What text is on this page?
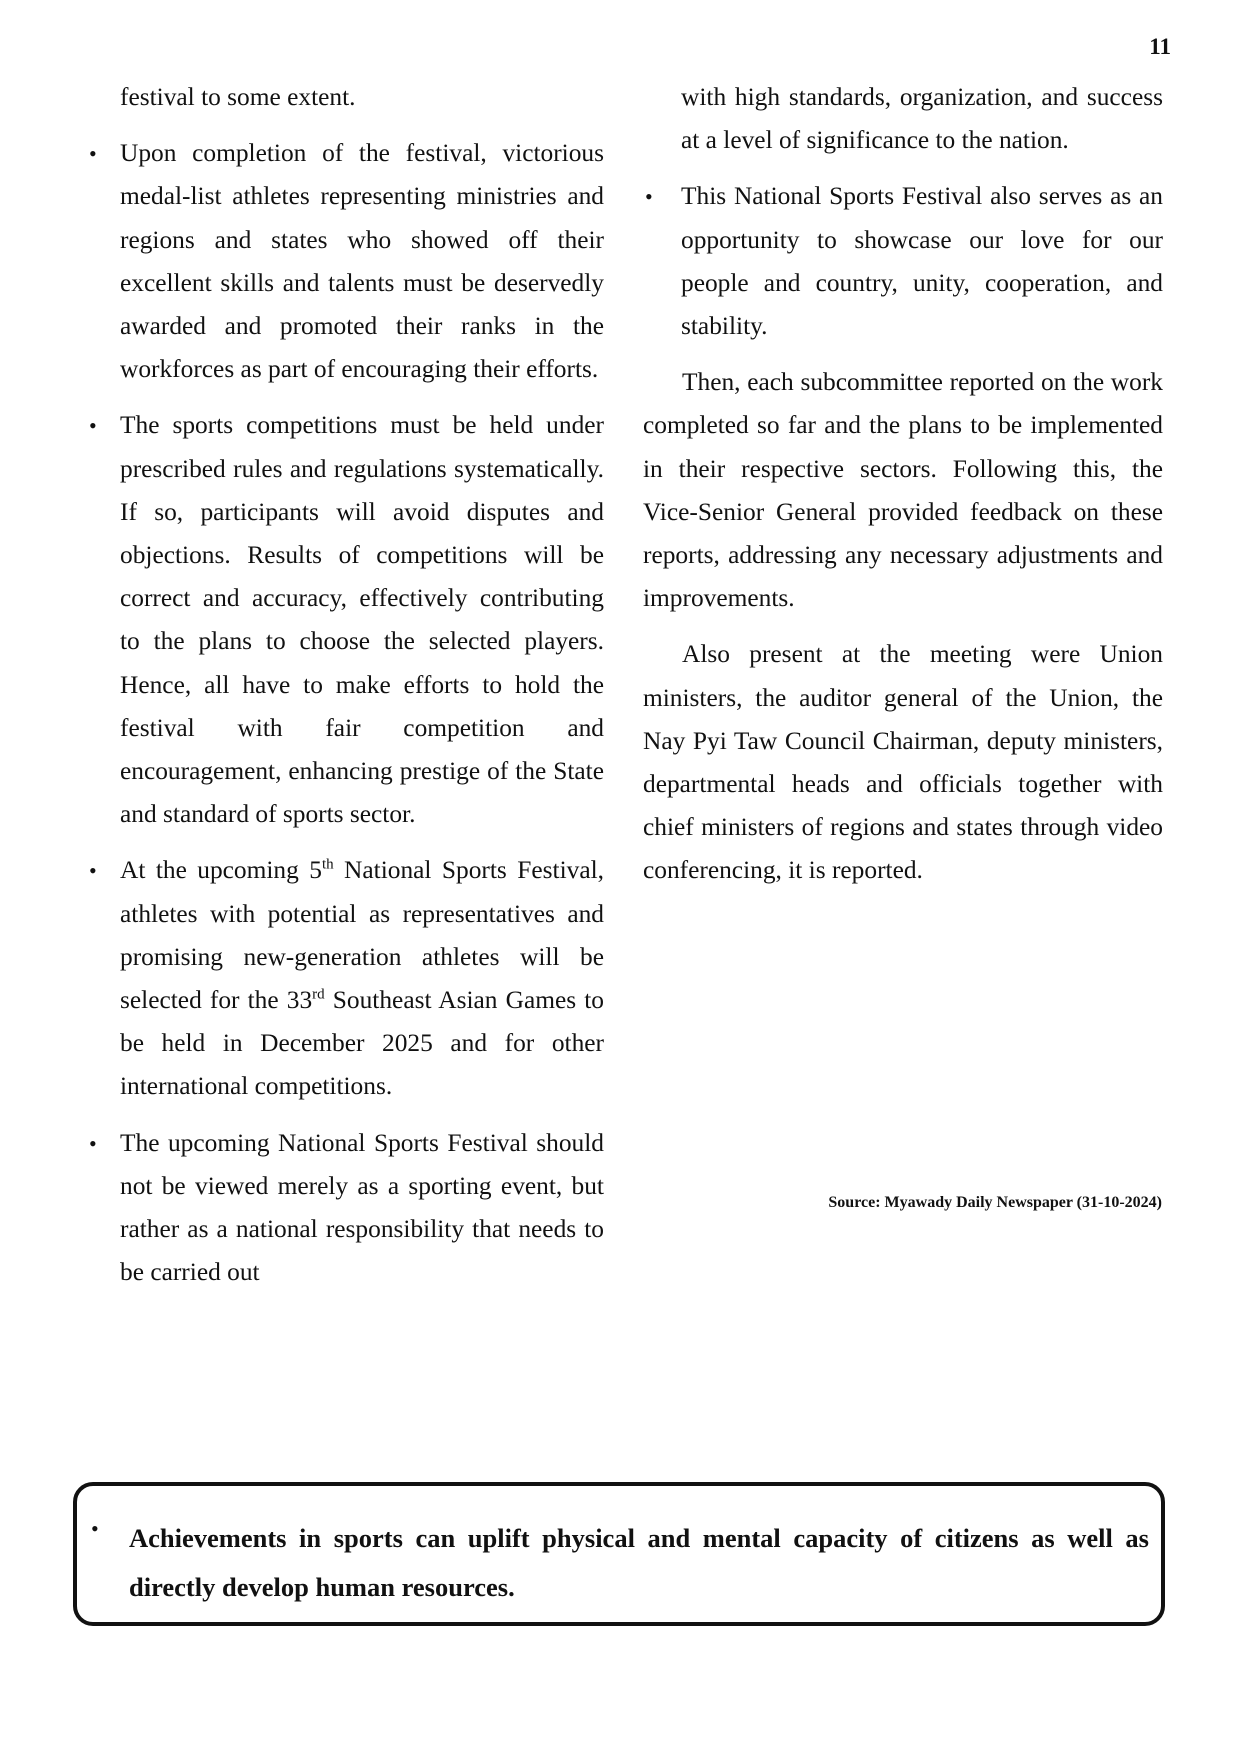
11

festival to some extent.

• Upon completion of the festival, victorious medal-list athletes representing ministries and regions and states who showed off their excellent skills and talents must be deservedly awarded and promoted their ranks in the workforces as part of encouraging their efforts.
• The sports competitions must be held under prescribed rules and regulations systematically. If so, participants will avoid disputes and objections. Results of competitions will be correct and accuracy, effectively contributing to the plans to choose the selected players. Hence, all have to make efforts to hold the festival with fair competition and encouragement, enhancing prestige of the State and standard of sports sector.
• At the upcoming 5th National Sports Festival, athletes with potential as representatives and promising new-generation athletes will be selected for the 33rd Southeast Asian Games to be held in December 2025 and for other international competitions.
• The upcoming National Sports Festival should not be viewed merely as a sporting event, but rather as a national responsibility that needs to be carried out

with high standards, organization, and success at a level of significance to the nation.

• This National Sports Festival also serves as an opportunity to showcase our love for our people and country, unity, cooperation, and stability.

Then, each subcommittee reported on the work completed so far and the plans to be implemented in their respective sectors. Following this, the Vice-Senior General provided feedback on these reports, addressing any necessary adjustments and improvements.

Also present at the meeting were Union ministers, the auditor general of the Union, the Nay Pyi Taw Council Chairman, deputy ministers, departmental heads and officials together with chief ministers of regions and states through video conferencing, it is reported.

Source: Myawady Daily Newspaper (31-10-2024)
• Achievements in sports can uplift physical and mental capacity of citizens as well as directly develop human resources.
